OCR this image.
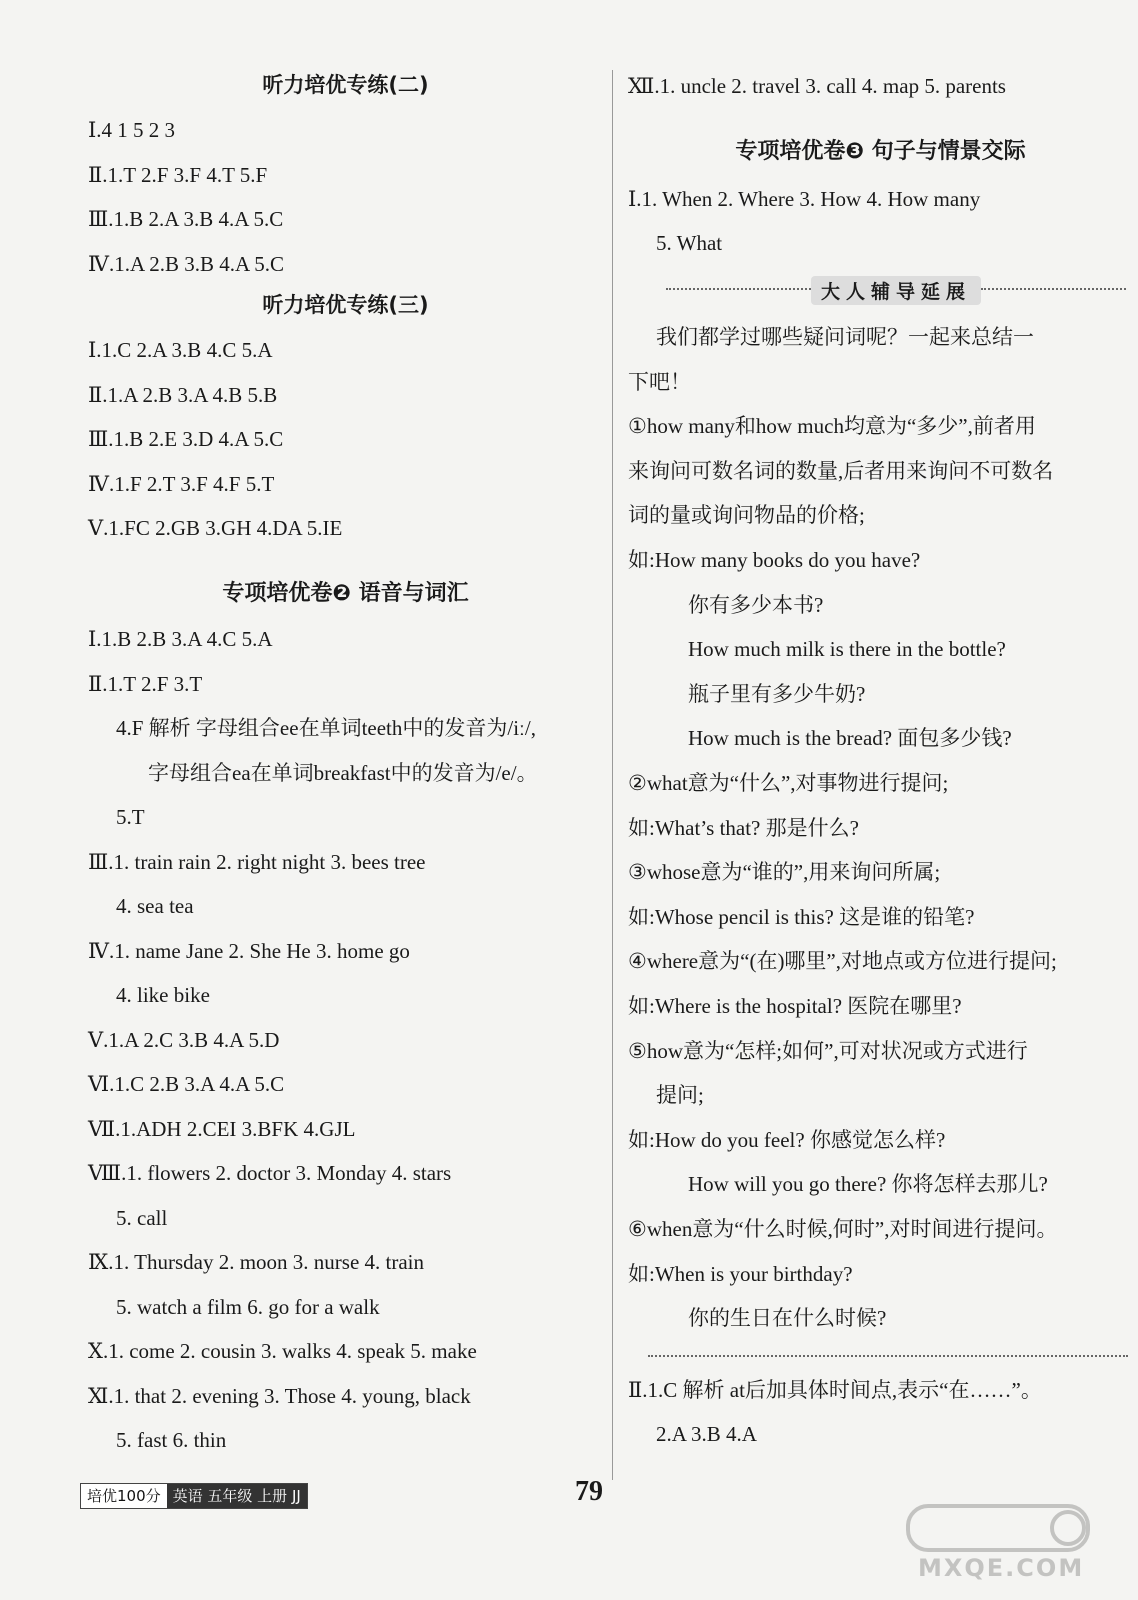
听力培优专练(二)
Ⅰ.4 1 5 2 3
Ⅱ.1.T 2.F 3.F 4.T 5.F
Ⅲ.1.B 2.A 3.B 4.A 5.C
Ⅳ.1.A 2.B 3.B 4.A 5.C
听力培优专练(三)
Ⅰ.1.C 2.A 3.B 4.C 5.A
Ⅱ.1.A 2.B 3.A 4.B 5.B
Ⅲ.1.B 2.E 3.D 4.A 5.C
Ⅳ.1.F 2.T 3.F 4.F 5.T
Ⅴ.1.FC 2.GB 3.GH 4.DA 5.IE
专项培优卷❷ 语音与词汇
Ⅰ.1.B 2.B 3.A 4.C 5.A
Ⅱ.1.T 2.F 3.T
4.F 解析 字母组合ee在单词teeth中的发音为/iː/,
字母组合ea在单词breakfast中的发音为/e/。
5.T
Ⅲ.1. train rain 2. right night 3. bees tree
4. sea tea
Ⅳ.1. name Jane 2. She He 3. home go
4. like bike
Ⅴ.1.A 2.C 3.B 4.A 5.D
Ⅵ.1.C 2.B 3.A 4.A 5.C
Ⅶ.1.ADH 2.CEI 3.BFK 4.GJL
Ⅷ.1. flowers 2. doctor 3. Monday 4. stars
5. call
Ⅸ.1. Thursday 2. moon 3. nurse 4. train
5. watch a film 6. go for a walk
Ⅹ.1. come 2. cousin 3. walks 4. speak 5. make
Ⅺ.1. that 2. evening 3. Those 4. young, black
5. fast 6. thin
Ⅻ.1. uncle 2. travel 3. call 4. map 5. parents
专项培优卷❸ 句子与情景交际
Ⅰ.1. When 2. Where 3. How 4. How many
5. What
大人辅导延展
我们都学过哪些疑问词呢？一起来总结一
下吧！
①how many和how much均意为“多少”,前者用
来询问可数名词的数量,后者用来询问不可数名
词的量或询问物品的价格;
如:How many books do you have?
你有多少本书?
How much milk is there in the bottle?
瓶子里有多少牛奶?
How much is the bread? 面包多少钱?
②what意为“什么”,对事物进行提问;
如:What’s that? 那是什么?
③whose意为“谁的”,用来询问所属;
如:Whose pencil is this? 这是谁的铅笔?
④where意为“(在)哪里”,对地点或方位进行提问;
如:Where is the hospital? 医院在哪里?
⑤how意为“怎样;如何”,可对状况或方式进行
提问;
如:How do you feel? 你感觉怎么样?
How will you go there? 你将怎样去那儿?
⑥when意为“什么时候,何时”,对时间进行提问。
如:When is your birthday?
你的生日在什么时候?
Ⅱ.1.C 解析 at后加具体时间点,表示“在……”。
2.A 3.B 4.A
培优100分 英语 五年级 上册 JJ	79
MXQE.COM
